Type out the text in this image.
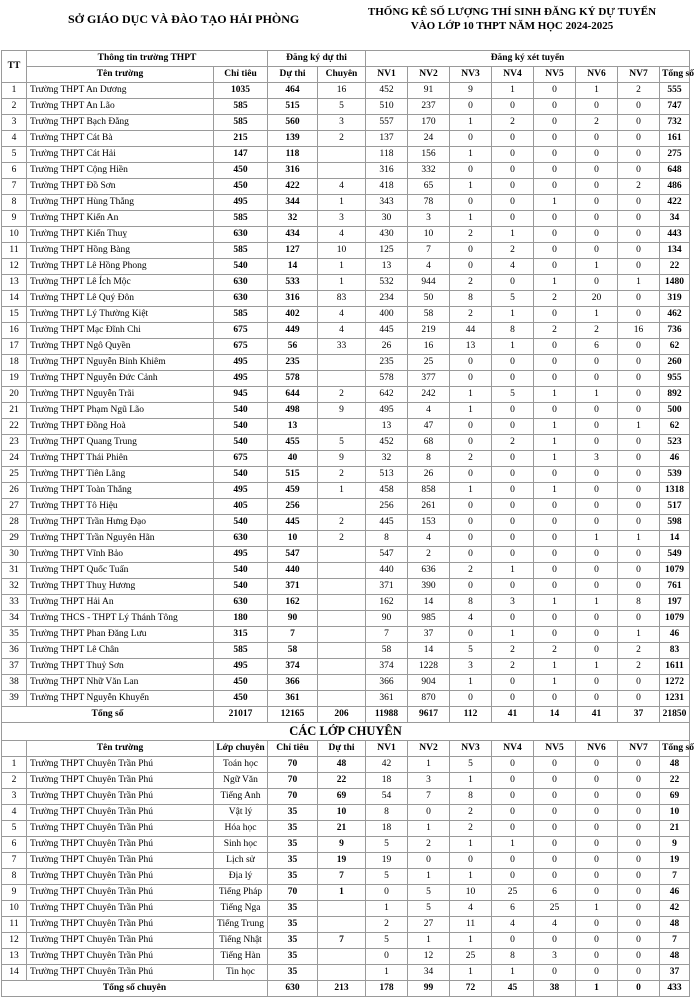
SỞ GIÁO DỤC VÀ ĐÀO TẠO HẢI PHÒNG	THỐNG KÊ SỐ LƯỢNG THÍ SINH ĐĂNG KÝ DỰ TUYỂN
VÀO LỚP 10 THPT NĂM HỌC 2024-2025
TT	Thông tin trường THPT		Đăng ký dự thi		Đăng ký xét tuyển							
	Tên trường	Chỉ tiêu	Dự thi	Chuyên	NV1	NV2	NV3	NV4	NV5	NV6	NV7	Tổng số
1	Trường THPT An Dương	1035	464	16	452	91	9	1	0	1	2	555
2	Trường THPT An Lão	585	515	5	510	237	0	0	0	0	0	747
3	Trường THPT Bạch Đằng	585	560	3	557	170	1	2	0	2	0	732
4	Trường THPT Cát Bà	215	139	2	137	24	0	0	0	0	0	161
5	Trường THPT Cát Hải	147	118		118	156	1	0	0	0	0	275
6	Trường THPT Cộng Hiền	450	316		316	332	0	0	0	0	0	648
7	Trường THPT Đồ Sơn	450	422	4	418	65	1	0	0	0	2	486
8	Trường THPT Hùng Thắng	495	344	1	343	78	0	0	1	0	0	422
9	Trường THPT Kiến An	585	32	3	30	3	1	0	0	0	0	34
10	Trường THPT Kiến Thuỵ	630	434	4	430	10	2	1	0	0	0	443
11	Trường THPT Hồng Bàng	585	127	10	125	7	0	2	0	0	0	134
12	Trường THPT Lê Hồng Phong	540	14	1	13	4	0	4	0	1	0	22
13	Trường THPT Lê Ích Mộc	630	533	1	532	944	2	0	1	0	1	1480
14	Trường THPT Lê Quý Đôn	630	316	83	234	50	8	5	2	20	0	319
15	Trường THPT Lý Thường Kiệt	585	402	4	400	58	2	1	0	1	0	462
16	Trường THPT Mạc Đĩnh Chi	675	449	4	445	219	44	8	2	2	16	736
17	Trường THPT Ngô Quyền	675	56	33	26	16	13	1	0	6	0	62
18	Trường THPT Nguyễn Bỉnh Khiêm	495	235		235	25	0	0	0	0	0	260
19	Trường THPT Nguyễn Đức Cảnh	495	578		578	377	0	0	0	0	0	955
20	Trường THPT Nguyễn Trãi	945	644	2	642	242	1	5	1	1	0	892
21	Trường THPT Phạm Ngũ Lão	540	498	9	495	4	1	0	0	0	0	500
22	Trường THPT Đồng Hoà	540	13		13	47	0	0	1	0	1	62
23	Trường THPT Quang Trung	540	455	5	452	68	0	2	1	0	0	523
24	Trường THPT Thái Phiên	675	40	9	32	8	2	0	1	3	0	46
25	Trường THPT Tiên Lãng	540	515	2	513	26	0	0	0	0	0	539
26	Trường THPT Toàn Thắng	495	459	1	458	858	1	0	1	0	0	1318
27	Trường THPT Tô Hiệu	405	256		256	261	0	0	0	0	0	517
28	Trường THPT Trần Hưng Đạo	540	445	2	445	153	0	0	0	0	0	598
29	Trường THPT Trần Nguyên Hãn	630	10	2	8	4	0	0	0	1	1	14
30	Trường THPT Vĩnh Bảo	495	547		547	2	0	0	0	0	0	549
31	Trường THPT Quốc Tuấn	540	440		440	636	2	1	0	0	0	1079
32	Trường THPT Thuỵ Hương	540	371		371	390	0	0	0	0	0	761
33	Trường THPT Hải An	630	162		162	14	8	3	1	1	8	197
34	Trường THCS - THPT Lý Thánh Tông	180	90		90	985	4	0	0	0	0	1079
35	Trường THPT Phan Đăng Lưu	315	7		7	37	0	1	0	0	1	46
36	Trường THPT Lê Chân	585	58		58	14	5	2	2	0	2	83
37	Trường THPT Thuỷ Sơn	495	374		374	1228	3	2	1	1	2	1611
38	Trường THPT Nhữ Văn Lan	450	366		366	904	1	0	1	0	0	1272
39	Trường THPT Nguyễn Khuyến	450	361		361	870	0	0	0	0	0	1231
Tổng số		21017	12165	206	11988	9617	112	41	14	41	37	21850
CÁC LỚP CHUYÊN												
	Tên trường	Lớp chuyên	Chỉ tiêu	Dự thi	NV1	NV2	NV3	NV4	NV5	NV6	NV7	Tổng số
1	Trường THPT Chuyên Trần Phú	Toán học	70	48	42	1	5	0	0	0	0	48
2	Trường THPT Chuyên Trần Phú	Ngữ Văn	70	22	18	3	1	0	0	0	0	22
3	Trường THPT Chuyên Trần Phú	Tiếng Anh	70	69	54	7	8	0	0	0	0	69
4	Trường THPT Chuyên Trần Phú	Vật lý	35	10	8	0	2	0	0	0	0	10
5	Trường THPT Chuyên Trần Phú	Hóa học	35	21	18	1	2	0	0	0	0	21
6	Trường THPT Chuyên Trần Phú	Sinh học	35	9	5	2	1	1	0	0	0	9
7	Trường THPT Chuyên Trần Phú	Lịch sử	35	19	19	0	0	0	0	0	0	19
8	Trường THPT Chuyên Trần Phú	Địa lý	35	7	5	1	1	0	0	0	0	7
9	Trường THPT Chuyên Trần Phú	Tiếng Pháp	70	1	0	5	10	25	6	0	0	46
10	Trường THPT Chuyên Trần Phú	Tiếng Nga	35		1	5	4	6	25	1	0	42
11	Trường THPT Chuyên Trần Phú	Tiếng Trung	35		2	27	11	4	4	0	0	48
12	Trường THPT Chuyên Trần Phú	Tiếng Nhật	35	7	5	1	1	0	0	0	0	7
13	Trường THPT Chuyên Trần Phú	Tiếng Hàn	35		0	12	25	8	3	0	0	48
14	Trường THPT Chuyên Trần Phú	Tin học	35		1	34	1	1	0	0	0	37
Tổng số chuyên			630	213	178	99	72	45	38	1	0	433
